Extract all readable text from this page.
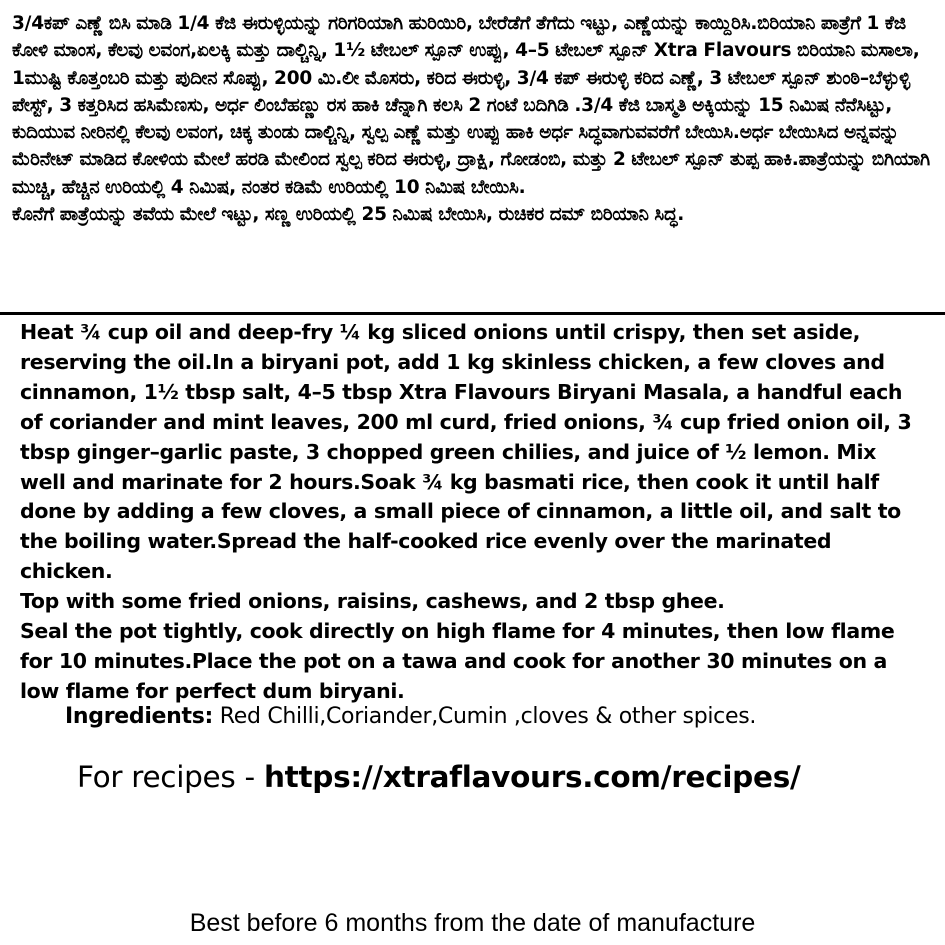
3/4ಕಪ್ ಎಣ್ಣೆ ಬಿಸಿ ಮಾಡಿ 1/4 ಕೆಜಿ ಈರುಳ್ಳಿಯನ್ನು ಗರಿಗರಿಯಾಗಿ ಹುರಿಯಿರಿ, ಬೇರೆಡೆಗೆ ತೆಗೆದು ಇಟ್ಟು, ಎಣ್ಣೆಯನ್ನು ಕಾಯ್ದಿರಿಸಿ.ಬಿರಿಯಾನಿ ಪಾತ್ರೆಗೆ 1 ಕೆಜಿ ಕೋಳಿ ಮಾಂಸ, ಕೆಲವು ಲವಂಗ,ಏಲಕ್ಕಿ ಮತ್ತು ದಾಲ್ಚಿನ್ನಿ, 1½ ಟೇಬಲ್ ಸ್ಪೂನ್ ಉಪ್ಪು, 4–5 ಟೇಬಲ್ ಸ್ಪೂನ್ Xtra Flavours ಬಿರಿಯಾನಿ ಮಸಾಲಾ, 1ಮುಷ್ಟಿ ಕೊತ್ತಂಬರಿ ಮತ್ತು ಪುದೀನ ಸೊಪ್ಪು, 200 ಮಿ.ಲೀ ಮೊಸರು, ಕರಿದ ಈರುಳ್ಳಿ, 3/4 ಕಪ್ ಈರುಳ್ಳಿ ಕರಿದ ಎಣ್ಣೆ, 3 ಟೇಬಲ್ ಸ್ಪೂನ್ ಶುಂಠಿ–ಬೆಳ್ಳುಳ್ಳಿ ಪೇಸ್ಟ್, 3 ಕತ್ತರಿಸಿದ ಹಸಿಮೆಣಸು, ಅರ್ಧ ಲಿಂಬೆಹಣ್ಣು ರಸ ಹಾಕಿ ಚೆನ್ನಾಗಿ ಕಲಸಿ 2 ಗಂಟೆ ಬದಿಗಿಡಿ .3/4 ಕೆಜಿ ಬಾಸ್ಮತಿ ಅಕ್ಕಿಯನ್ನು 15 ನಿಮಿಷ ನೆನೆಸಿಟ್ಟು, ಕುದಿಯುವ ನೀರಿನಲ್ಲಿ ಕೆಲವು ಲವಂಗ, ಚಿಕ್ಕ ತುಂಡು ದಾಲ್ಚಿನ್ನಿ, ಸ್ವಲ್ಪ ಎಣ್ಣೆ ಮತ್ತು ಉಪ್ಪು ಹಾಕಿ ಅರ್ಧ ಸಿದ್ಧವಾಗುವವರೆಗೆ ಬೇಯಿಸಿ.ಅರ್ಧ ಬೇಯಿಸಿದ ಅನ್ನವನ್ನು ಮೆರಿನೇಟ್ ಮಾಡಿದ ಕೋಳಿಯ ಮೇಲೆ ಹರಡಿ ಮೇಲಿಂದ ಸ್ವಲ್ಪ ಕರಿದ ಈರುಳ್ಳಿ, ದ್ರಾಕ್ಷಿ, ಗೋಡಂಬಿ, ಮತ್ತು 2 ಟೇಬಲ್ ಸ್ಪೂನ್ ತುಪ್ಪ ಹಾಕಿ.ಪಾತ್ರೆಯನ್ನು ಬಿಗಿಯಾಗಿ ಮುಚ್ಚಿ, ಹೆಚ್ಚಿನ ಉರಿಯಲ್ಲಿ 4 ನಿಮಿಷ, ನಂತರ ಕಡಿಮೆ ಉರಿಯಲ್ಲಿ 10 ನಿಮಿಷ ಬೇಯಿಸಿ.

ಕೊನೆಗೆ ಪಾತ್ರೆಯನ್ನು ತವೆಯ ಮೇಲೆ ಇಟ್ಟು, ಸಣ್ಣ ಉರಿಯಲ್ಲಿ 25 ನಿಮಿಷ ಬೇಯಿಸಿ, ರುಚಿಕರ ದಮ್ ಬಿರಿಯಾನಿ ಸಿದ್ಧ.

Heat ¾ cup oil and deep-fry ¼ kg sliced onions until crispy, then set aside, reserving the oil.In a biryani pot, add 1 kg skinless chicken, a few cloves and cinnamon, 1½ tbsp salt, 4–5 tbsp Xtra Flavours Biryani Masala, a handful each of coriander and mint leaves, 200 ml curd, fried onions, ¾ cup fried onion oil, 3 tbsp ginger–garlic paste, 3 chopped green chilies, and juice of ½ lemon. Mix well and marinate for 2 hours.Soak ¾ kg basmati rice, then cook it until half done by adding a few cloves, a small piece of cinnamon, a little oil, and salt to the boiling water.Spread the half-cooked rice evenly over the marinated chicken.

Top with some fried onions, raisins, cashews, and 2 tbsp ghee.

Seal the pot tightly, cook directly on high flame for 4 minutes, then low flame for 10 minutes.Place the pot on a tawa and cook for another 30 minutes on a low flame for perfect dum biryani.

Ingredients: Red Chilli,Coriander,Cumin ,cloves & other spices.
For recipes - https://xtraflavours.com/recipes/
Best before 6 months from the date of manufacture
